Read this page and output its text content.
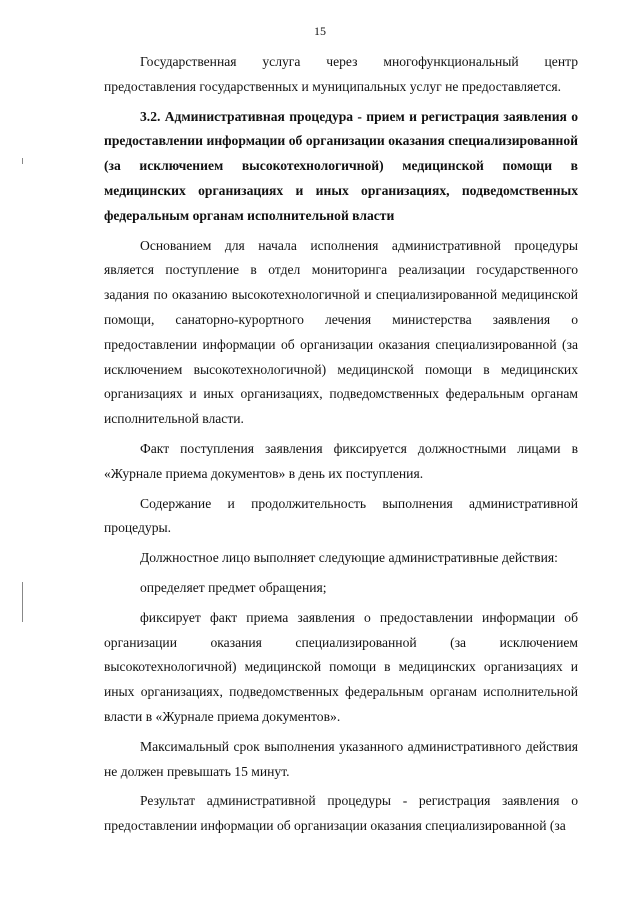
15

Государственная услуга через многофункциональный центр предоставления государственных и муниципальных услуг не предоставляется.

3.2. Административная процедура - прием и регистрация заявления о предоставлении информации об организации оказания специализированной (за исключением высокотехнологичной) медицинской помощи в медицинских организациях и иных организациях, подведомственных федеральным органам исполнительной власти

Основанием для начала исполнения административной процедуры является поступление в отдел мониторинга реализации государственного задания по оказанию высокотехнологичной и специализированной медицинской помощи, санаторно-курортного лечения министерства заявления о предоставлении информации об организации оказания специализированной (за исключением высокотехнологичной) медицинской помощи в медицинских организациях и иных организациях, подведомственных федеральным органам исполнительной власти.

Факт поступления заявления фиксируется должностными лицами в «Журнале приема документов» в день их поступления.

Содержание и продолжительность выполнения административной процедуры.

Должностное лицо выполняет следующие административные действия:

определяет предмет обращения;

фиксирует факт приема заявления о предоставлении информации об организации оказания специализированной (за исключением высокотехнологичной) медицинской помощи в медицинских организациях и иных организациях, подведомственных федеральным органам исполнительной власти в «Журнале приема документов».

Максимальный срок выполнения указанного административного действия не должен превышать 15 минут.

Результат административной процедуры - регистрация заявления о предоставлении информации об организации оказания специализированной (за
